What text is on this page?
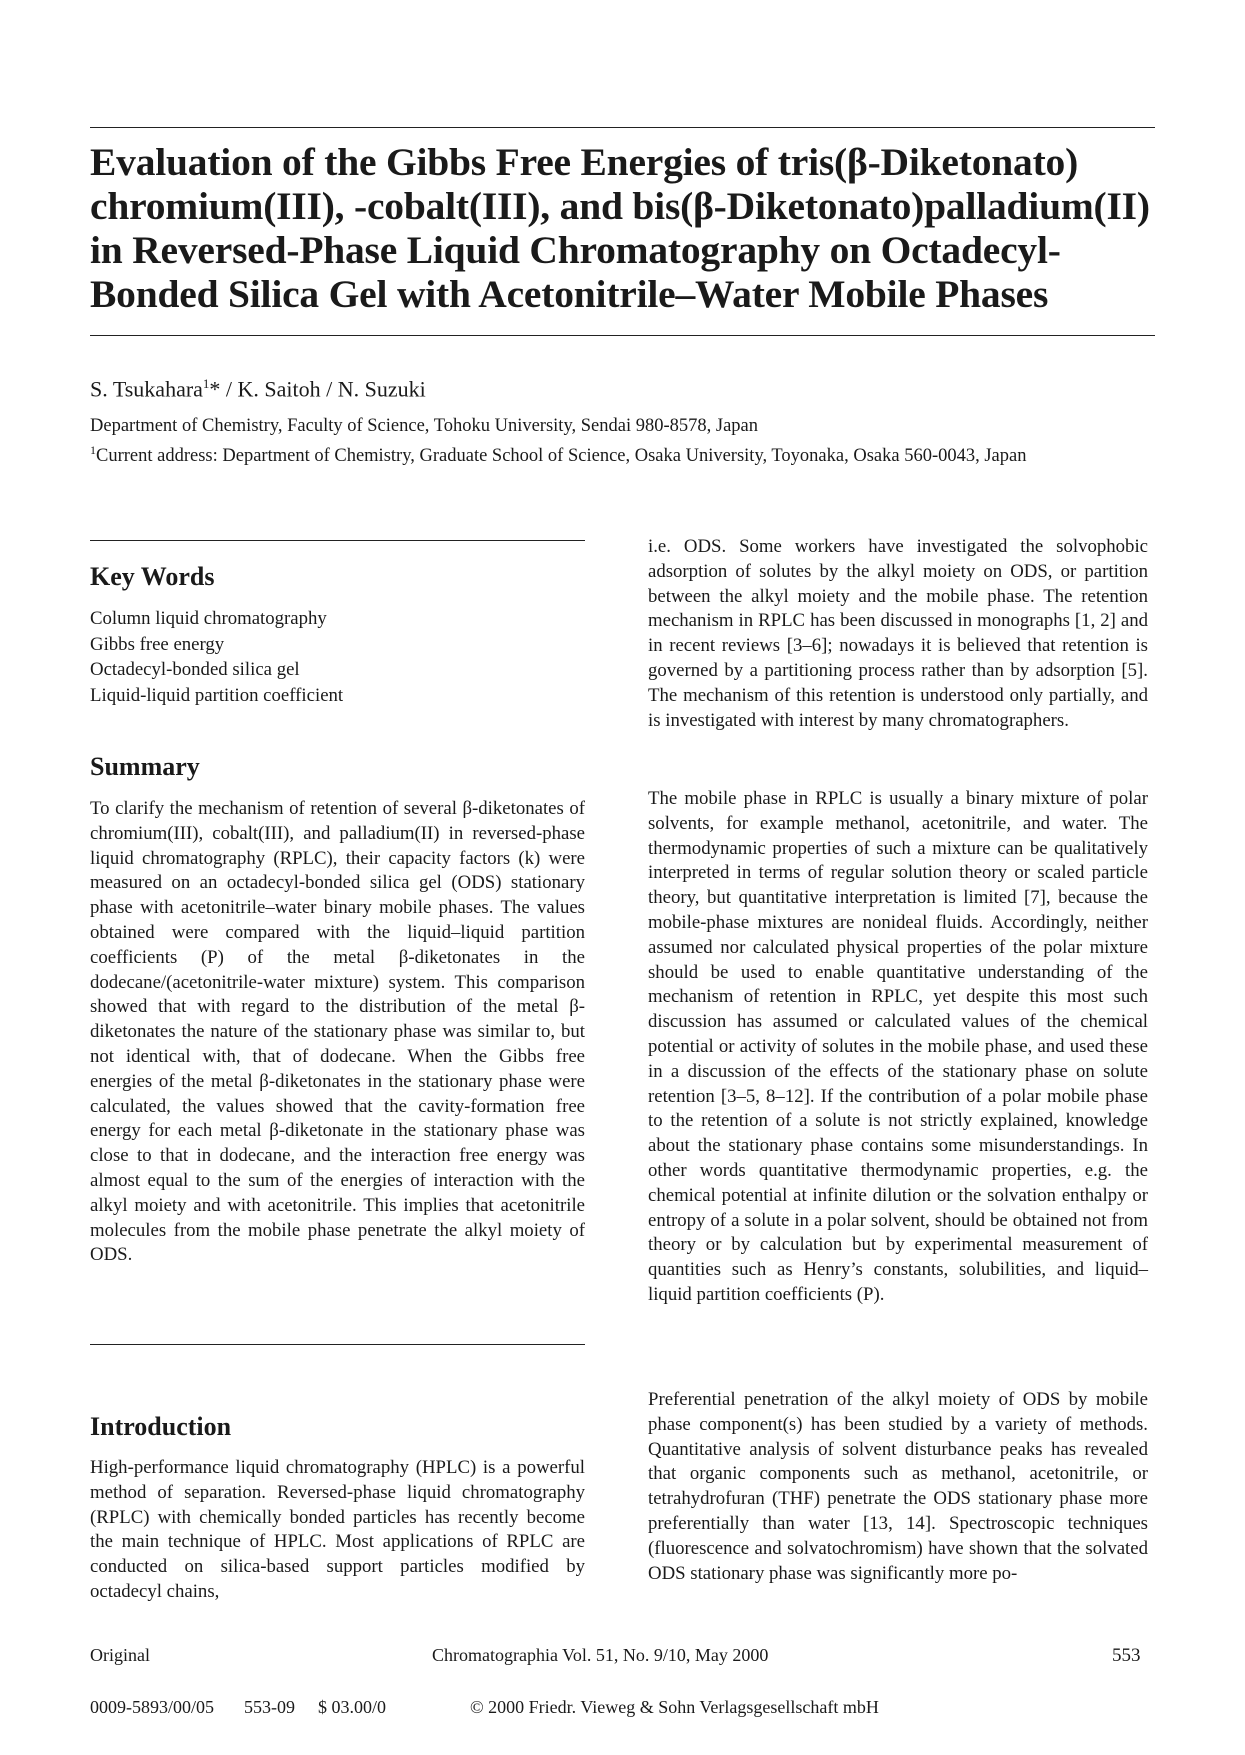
Evaluation of the Gibbs Free Energies of tris(β-Diketonato) chromium(III), -cobalt(III), and bis(β-Diketonato)palladium(II) in Reversed-Phase Liquid Chromatography on Octadecyl-Bonded Silica Gel with Acetonitrile–Water Mobile Phases
S. Tsukahara$^1$* / K. Saitoh / N. Suzuki
Department of Chemistry, Faculty of Science, Tohoku University, Sendai 980-8578, Japan
$^1$Current address: Department of Chemistry, Graduate School of Science, Osaka University, Toyonaka, Osaka 560-0043, Japan
Key Words
Column liquid chromatography
Gibbs free energy
Octadecyl-bonded silica gel
Liquid-liquid partition coefficient
Summary

To clarify the mechanism of retention of several β-diketonates of chromium(III), cobalt(III), and palladium(II) in reversed-phase liquid chromatography (RPLC), their capacity factors (k) were measured on an octadecyl-bonded silica gel (ODS) stationary phase with acetonitrile–water binary mobile phases. The values obtained were compared with the liquid–liquid partition coefficients (P) of the metal β-diketonates in the dodecane/(acetonitrile-water mixture) system. This comparison showed that with regard to the distribution of the metal β-diketonates the nature of the stationary phase was similar to, but not identical with, that of dodecane. When the Gibbs free energies of the metal β-diketonates in the stationary phase were calculated, the values showed that the cavity-formation free energy for each metal β-diketonate in the stationary phase was close to that in dodecane, and the interaction free energy was almost equal to the sum of the energies of interaction with the alkyl moiety and with acetonitrile. This implies that acetonitrile molecules from the mobile phase penetrate the alkyl moiety of ODS.

Introduction

High-performance liquid chromatography (HPLC) is a powerful method of separation. Reversed-phase liquid chromatography (RPLC) with chemically bonded particles has recently become the main technique of HPLC. Most applications of RPLC are conducted on silica-based support particles modified by octadecyl chains,

i.e. ODS. Some workers have investigated the solvophobic adsorption of solutes by the alkyl moiety on ODS, or partition between the alkyl moiety and the mobile phase. The retention mechanism in RPLC has been discussed in monographs [1, 2] and in recent reviews [3–6]; nowadays it is believed that retention is governed by a partitioning process rather than by adsorption [5]. The mechanism of this retention is understood only partially, and is investigated with interest by many chromatographers.

The mobile phase in RPLC is usually a binary mixture of polar solvents, for example methanol, acetonitrile, and water. The thermodynamic properties of such a mixture can be qualitatively interpreted in terms of regular solution theory or scaled particle theory, but quantitative interpretation is limited [7], because the mobile-phase mixtures are nonideal fluids. Accordingly, neither assumed nor calculated physical properties of the polar mixture should be used to enable quantitative understanding of the mechanism of retention in RPLC, yet despite this most such discussion has assumed or calculated values of the chemical potential or activity of solutes in the mobile phase, and used these in a discussion of the effects of the stationary phase on solute retention [3–5, 8–12]. If the contribution of a polar mobile phase to the retention of a solute is not strictly explained, knowledge about the stationary phase contains some misunderstandings. In other words quantitative thermodynamic properties, e.g. the chemical potential at infinite dilution or the solvation enthalpy or entropy of a solute in a polar solvent, should be obtained not from theory or by calculation but by experimental measurement of quantities such as Henry’s constants, solubilities, and liquid–liquid partition coefficients (P).

Preferential penetration of the alkyl moiety of ODS by mobile phase component(s) has been studied by a variety of methods. Quantitative analysis of solvent disturbance peaks has revealed that organic components such as methanol, acetonitrile, or tetrahydrofuran (THF) penetrate the ODS stationary phase more preferentially than water [13, 14]. Spectroscopic techniques (fluorescence and solvatochromism) have shown that the solvated ODS stationary phase was significantly more po-

Original	Chromatographia Vol. 51, No. 9/10, May 2000	553
0009-5893/00/05 553-09 $ 03.00/0	© 2000 Friedr. Vieweg & Sohn Verlagsgesellschaft mbH
